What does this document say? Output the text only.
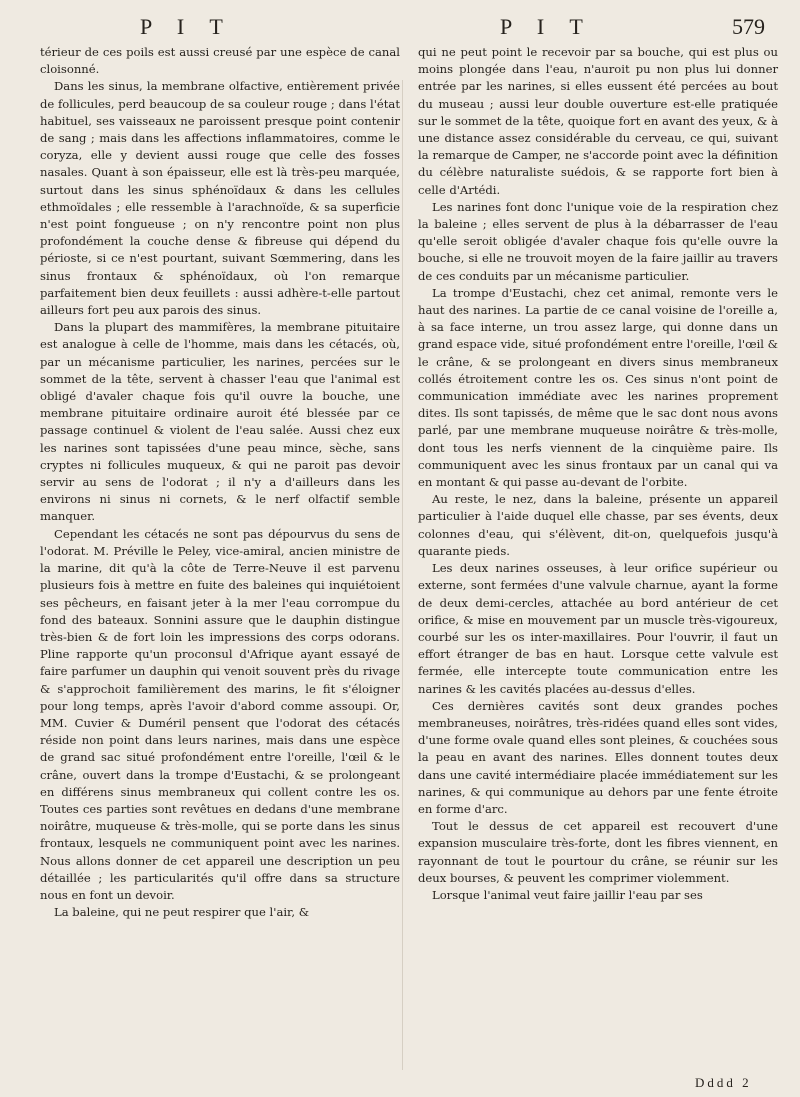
P I T	P I T	579

térieur de ces poils est aussi creusé par une espèce de canal cloisonné.

Dans les sinus, la membrane olfactive, entièrement privée de follicules, perd beaucoup de sa couleur rouge ; dans l'état habituel, ses vaisseaux ne paroissent presque point contenir de sang ; mais dans les affections inflammatoires, comme le coryza, elle y devient aussi rouge que celle des fosses nasales. Quant à son épaisseur, elle est là très-peu marquée, surtout dans les sinus sphénoïdaux & dans les cellules ethmoïdales ; elle ressemble à l'arachnoïde, & sa superficie n'est point fongueuse ; on n'y rencontre point non plus profondément la couche dense & fibreuse qui dépend du périoste, si ce n'est pourtant, suivant Sœmmering, dans les sinus frontaux & sphénoïdaux, où l'on remarque parfaitement bien deux feuillets : aussi adhère-t-elle partout ailleurs fort peu aux parois des sinus.

Dans la plupart des mammifères, la membrane pituitaire est analogue à celle de l'homme, mais dans les cétacés, où, par un mécanisme particulier, les narines, percées sur le sommet de la tête, servent à chasser l'eau que l'animal est obligé d'avaler chaque fois qu'il ouvre la bouche, une membrane pituitaire ordinaire auroit été blessée par ce passage continuel & violent de l'eau salée. Aussi chez eux les narines sont tapissées d'une peau mince, sèche, sans cryptes ni follicules muqueux, & qui ne paroit pas devoir servir au sens de l'odorat ; il n'y a d'ailleurs dans les environs ni sinus ni cornets, & le nerf olfactif semble manquer.

Cependant les cétacés ne sont pas dépourvus du sens de l'odorat. M. Préville le Peley, vice-amiral, ancien ministre de la marine, dit qu'à la côte de Terre-Neuve il est parvenu plusieurs fois à mettre en fuite des baleines qui inquiétoient ses pêcheurs, en faisant jeter à la mer l'eau corrompue du fond des bateaux. Sonnini assure que le dauphin distingue très-bien & de fort loin les impressions des corps odorans. Pline rapporte qu'un proconsul d'Afrique ayant essayé de faire parfumer un dauphin qui venoit souvent près du rivage & s'approchoit familièrement des marins, le fit s'éloigner pour long temps, après l'avoir d'abord comme assoupi. Or, MM. Cuvier & Duméril pensent que l'odorat des cétacés réside non point dans leurs narines, mais dans une espèce de grand sac situé profondément entre l'oreille, l'œil & le crâne, ouvert dans la trompe d'Eustachi, & se prolongeant en différens sinus membraneux qui collent contre les os. Toutes ces parties sont revêtues en dedans d'une membrane noirâtre, muqueuse & très-molle, qui se porte dans les sinus frontaux, lesquels ne communiquent point avec les narines. Nous allons donner de cet appareil une description un peu détaillée ; les particularités qu'il offre dans sa structure nous en font un devoir.

La baleine, qui ne peut respirer que l'air, &

qui ne peut point le recevoir par sa bouche, qui est plus ou moins plongée dans l'eau, n'auroit pu non plus lui donner entrée par les narines, si elles eussent été percées au bout du museau ; aussi leur double ouverture est-elle pratiquée sur le sommet de la tête, quoique fort en avant des yeux, & à une distance assez considérable du cerveau, ce qui, suivant la remarque de Camper, ne s'accorde point avec la définition du célèbre naturaliste suédois, & se rapporte fort bien à celle d'Artédi.

Les narines font donc l'unique voie de la respiration chez la baleine ; elles servent de plus à la débarrasser de l'eau qu'elle seroit obligée d'avaler chaque fois qu'elle ouvre la bouche, si elle ne trouvoit moyen de la faire jaillir au travers de ces conduits par un mécanisme particulier.

La trompe d'Eustachi, chez cet animal, remonte vers le haut des narines. La partie de ce canal voisine de l'oreille a, à sa face interne, un trou assez large, qui donne dans un grand espace vide, situé profondément entre l'oreille, l'œil & le crâne, & se prolongeant en divers sinus membraneux collés étroitement contre les os. Ces sinus n'ont point de communication immédiate avec les narines proprement dites. Ils sont tapissés, de même que le sac dont nous avons parlé, par une membrane muqueuse noirâtre & très-molle, dont tous les nerfs viennent de la cinquième paire. Ils communiquent avec les sinus frontaux par un canal qui va en montant & qui passe au-devant de l'orbite.

Au reste, le nez, dans la baleine, présente un appareil particulier à l'aide duquel elle chasse, par ses évents, deux colonnes d'eau, qui s'élèvent, dit-on, quelquefois jusqu'à quarante pieds.

Les deux narines osseuses, à leur orifice supérieur ou externe, sont fermées d'une valvule charnue, ayant la forme de deux demi-cercles, attachée au bord antérieur de cet orifice, & mise en mouvement par un muscle très-vigoureux, courbé sur les os inter-maxillaires. Pour l'ouvrir, il faut un effort étranger de bas en haut. Lorsque cette valvule est fermée, elle intercepte toute communication entre les narines & les cavités placées au-dessus d'elles.

Ces dernières cavités sont deux grandes poches membraneuses, noirâtres, très-ridées quand elles sont vides, d'une forme ovale quand elles sont pleines, & couchées sous la peau en avant des narines. Elles donnent toutes deux dans une cavité intermédiaire placée immédiatement sur les narines, & qui communique au dehors par une fente étroite en forme d'arc.

Tout le dessus de cet appareil est recouvert d'une expansion musculaire très-forte, dont les fibres viennent, en rayonnant de tout le pourtour du crâne, se réunir sur les deux bourses, & peuvent les comprimer violemment.

Lorsque l'animal veut faire jaillir l'eau par ses

Dddd 2
